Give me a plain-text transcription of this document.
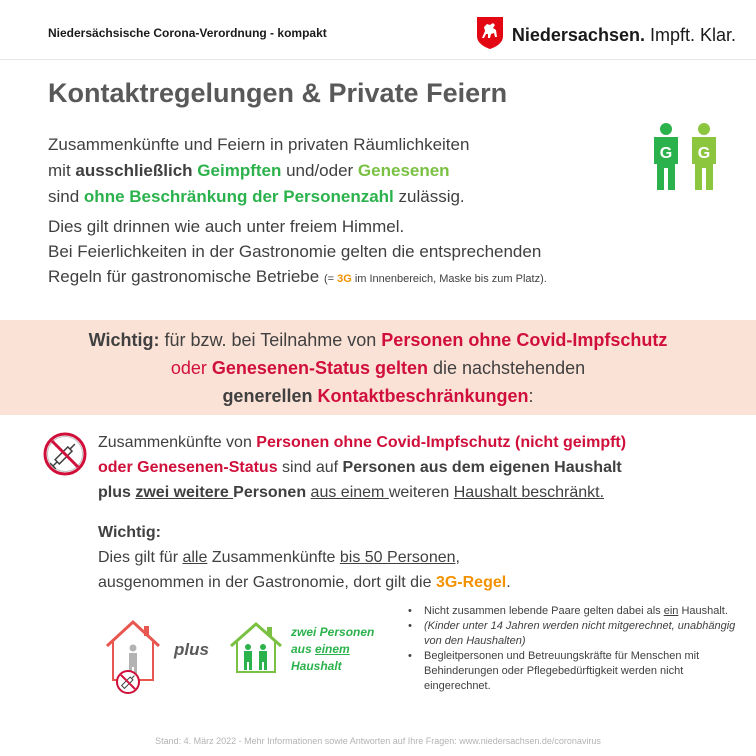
Niedersächsische Corona-Verordnung - kompakt	Niedersachsen. Impft. Klar.
Kontaktregelungen & Private Feiern
Zusammenkünfte und Feiern in privaten Räumlichkeiten
mit ausschließlich Geimpften und/oder Genesenen
sind ohne Beschränkung der Personenzahl zulässig.
Dies gilt drinnen wie auch unter freiem Himmel.
Bei Feierlichkeiten in der Gastronomie gelten die entsprechenden
Regeln für gastronomische Betriebe (= 3G im Innenbereich, Maske bis zum Platz).
G G
Wichtig: für bzw. bei Teilnahme von Personen ohne Covid-Impfschutz
oder Genesenen-Status gelten die nachstehenden
generellen Kontaktbeschränkungen:
Zusammenkünfte von Personen ohne Covid-Impfschutz (nicht geimpft)
oder Genesenen-Status sind auf Personen aus dem eigenen Haushalt
plus zwei weitere Personen aus einem weiteren Haushalt beschränkt.
Wichtig:
Dies gilt für alle Zusammenkünfte bis 50 Personen,
ausgenommen in der Gastronomie, dort gilt die 3G-Regel.
plus
zwei Personen
aus einem
Haushalt
• Nicht zusammen lebende Paare gelten dabei als ein Haushalt.
• (Kinder unter 14 Jahren werden nicht mitgerechnet, unabhängig von den Haushalten)
• Begleitpersonen und Betreuungskräfte für Menschen mit Behinderungen oder Pflegebedürftigkeit werden nicht eingerechnet.
Stand: 4. März 2022 - Mehr Informationen sowie Antworten auf Ihre Fragen: www.niedersachsen.de/coronavirus
